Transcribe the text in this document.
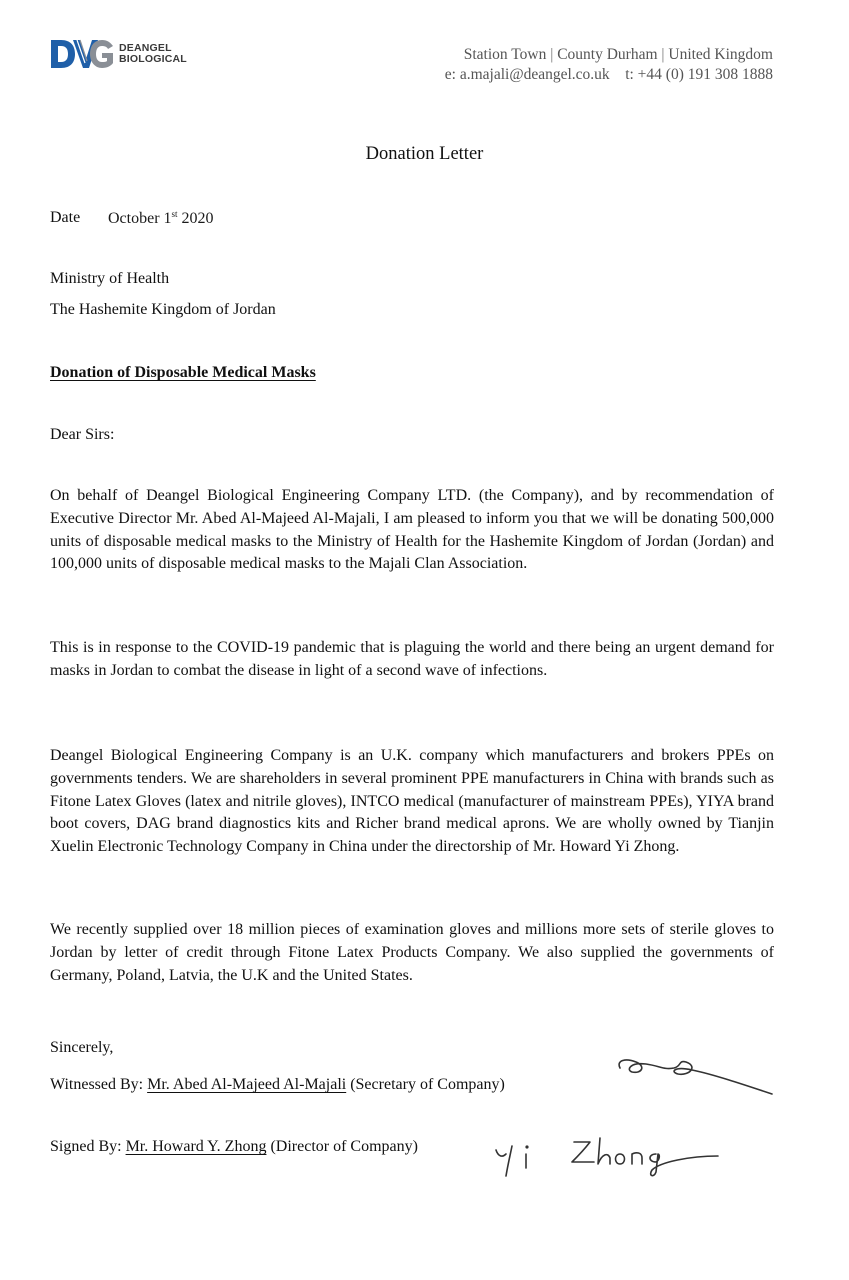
DEANGEL
BIOLOGICAL	Station Town | County Durham | United Kingdom
e: a.majali@deangel.co.uk t: +44 (0) 191 308 1888
Donation Letter
Date October 1st 2020
Ministry of Health
The Hashemite Kingdom of Jordan
Donation of Disposable Medical Masks
Dear Sirs:
On behalf of Deangel Biological Engineering Company LTD. (the Company), and by recommendation of Executive Director Mr. Abed Al-Majeed Al-Majali, I am pleased to inform you that we will be donating 500,000 units of disposable medical masks to the Ministry of Health for the Hashemite Kingdom of Jordan (Jordan) and 100,000 units of disposable medical masks to the Majali Clan Association.
This is in response to the COVID-19 pandemic that is plaguing the world and there being an urgent demand for masks in Jordan to combat the disease in light of a second wave of infections.
Deangel Biological Engineering Company is an U.K. company which manufacturers and brokers PPEs on governments tenders. We are shareholders in several prominent PPE manufacturers in China with brands such as Fitone Latex Gloves (latex and nitrile gloves), INTCO medical (manufacturer of mainstream PPEs), YIYA brand boot covers, DAG brand diagnostics kits and Richer brand medical aprons. We are wholly owned by Tianjin Xuelin Electronic Technology Company in China under the directorship of Mr. Howard Yi Zhong.
We recently supplied over 18 million pieces of examination gloves and millions more sets of sterile gloves to Jordan by letter of credit through Fitone Latex Products Company. We also supplied the governments of Germany, Poland, Latvia, the U.K and the United States.
Sincerely,
Witnessed By: Mr. Abed Al-Majeed Al-Majali (Secretary of Company)
Signed By: Mr. Howard Y. Zhong (Director of Company)
